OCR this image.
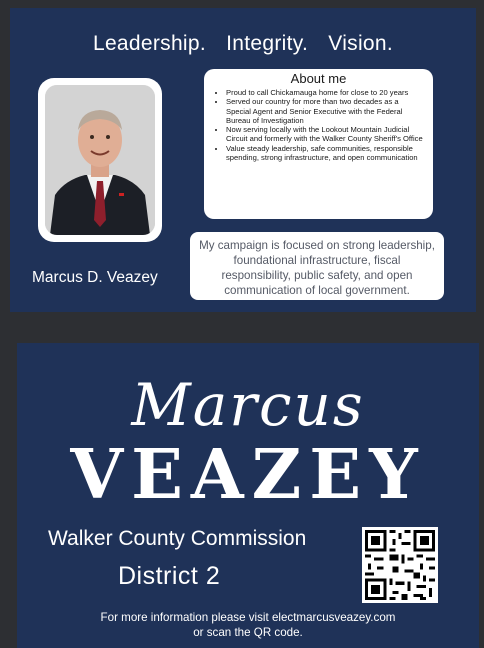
Leadership. Integrity. Vision.
Marcus D. Veazey
About me
• Proud to call Chickamauga home for close to 20 years
• Served our country for more than two decades as a Special Agent and Senior Executive with the Federal Bureau of Investigation
• Now serving locally with the Lookout Mountain Judicial Circuit and formerly with the Walker County Sheriff's Office
• Value steady leadership, safe communities, responsible spending, strong infrastructure, and open communication
My campaign is focused on strong leadership, foundational infrastructure, fiscal responsibility, public safety, and open communication of local government.
Marcus
VEAZEY
Walker County Commission
District 2
For more information please visit electmarcusveazey.com
or scan the QR code.
